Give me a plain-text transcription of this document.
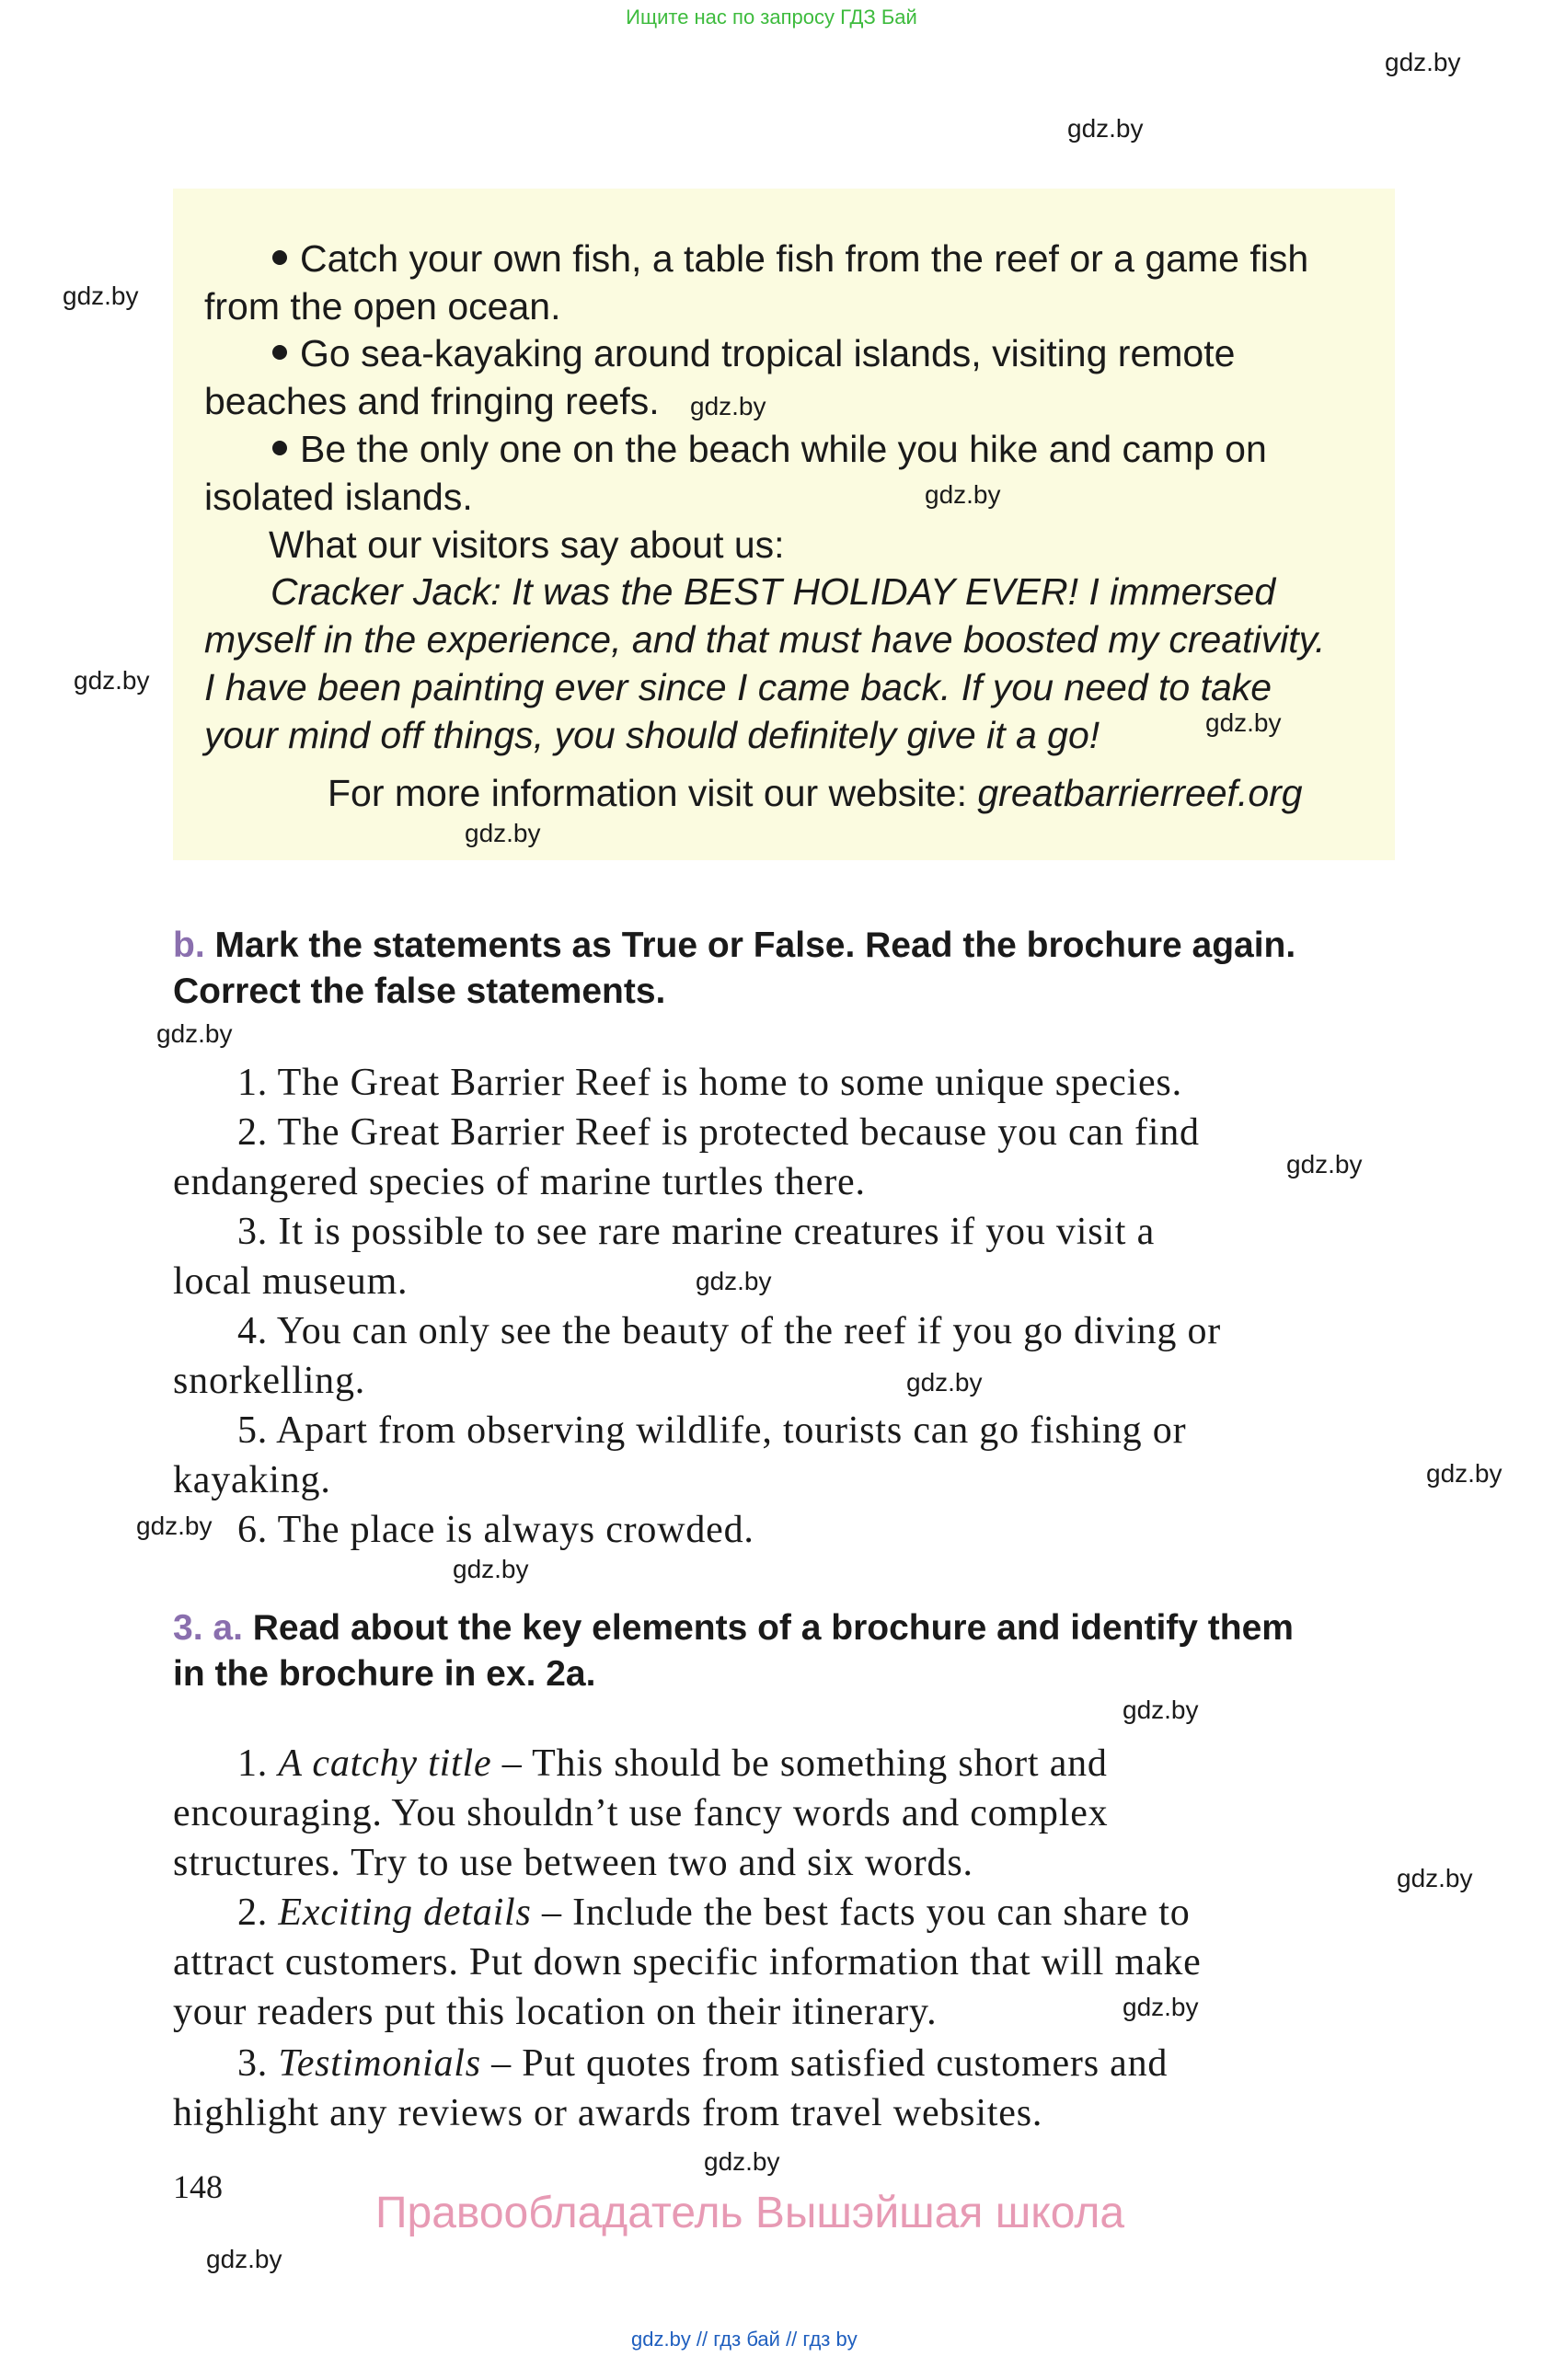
Ищите нас по запросу ГДЗ Бай
gdz.by
gdz.by
gdz.by
gdz.by
Catch your own fish, a table fish from the reef or a game fish
from the open ocean.
Go sea-kayaking around tropical islands, visiting remote
beaches and fringing reefs. gdz.by
Be the only one on the beach while you hike and camp on
isolated islands.	gdz.by
What our visitors say about us:
Cracker Jack: It was the BEST HOLIDAY EVER! I immersed
myself in the experience, and that must have boosted my creativity.
I have been painting ever since I came back. If you need to take
your mind off things, you should definitely give it a go!	gdz.by
For more information visit our website: greatbarrierreef.org
gdz.by
b. Mark the statements as True or False. Read the brochure again.
Correct the false statements.
gdz.by
1. The Great Barrier Reef is home to some unique species.
2. The Great Barrier Reef is protected because you can find
endangered species of marine turtles there.	gdz.by
3. It is possible to see rare marine creatures if you visit a
local museum.	gdz.by
4. You can only see the beauty of the reef if you go diving or
snorkelling.	gdz.by
5. Apart from observing wildlife, tourists can go fishing or
kayaking.	gdz.by
gdz.by 6. The place is always crowded.
gdz.by
3. a. Read about the key elements of a brochure and identify them
in the brochure in ex. 2a.
gdz.by
1. A catchy title – This should be something short and
encouraging. You shouldn’t use fancy words and complex
structures. Try to use between two and six words.	gdz.by
2. Exciting details – Include the best facts you can share to
attract customers. Put down specific information that will make
your readers put this location on their itinerary.	gdz.by
3. Testimonials – Put quotes from satisfied customers and
highlight any reviews or awards from travel websites.
gdz.by
148
Правообладатель Вышэйшая школа
gdz.by
gdz.by // гдз бай // гдз by
